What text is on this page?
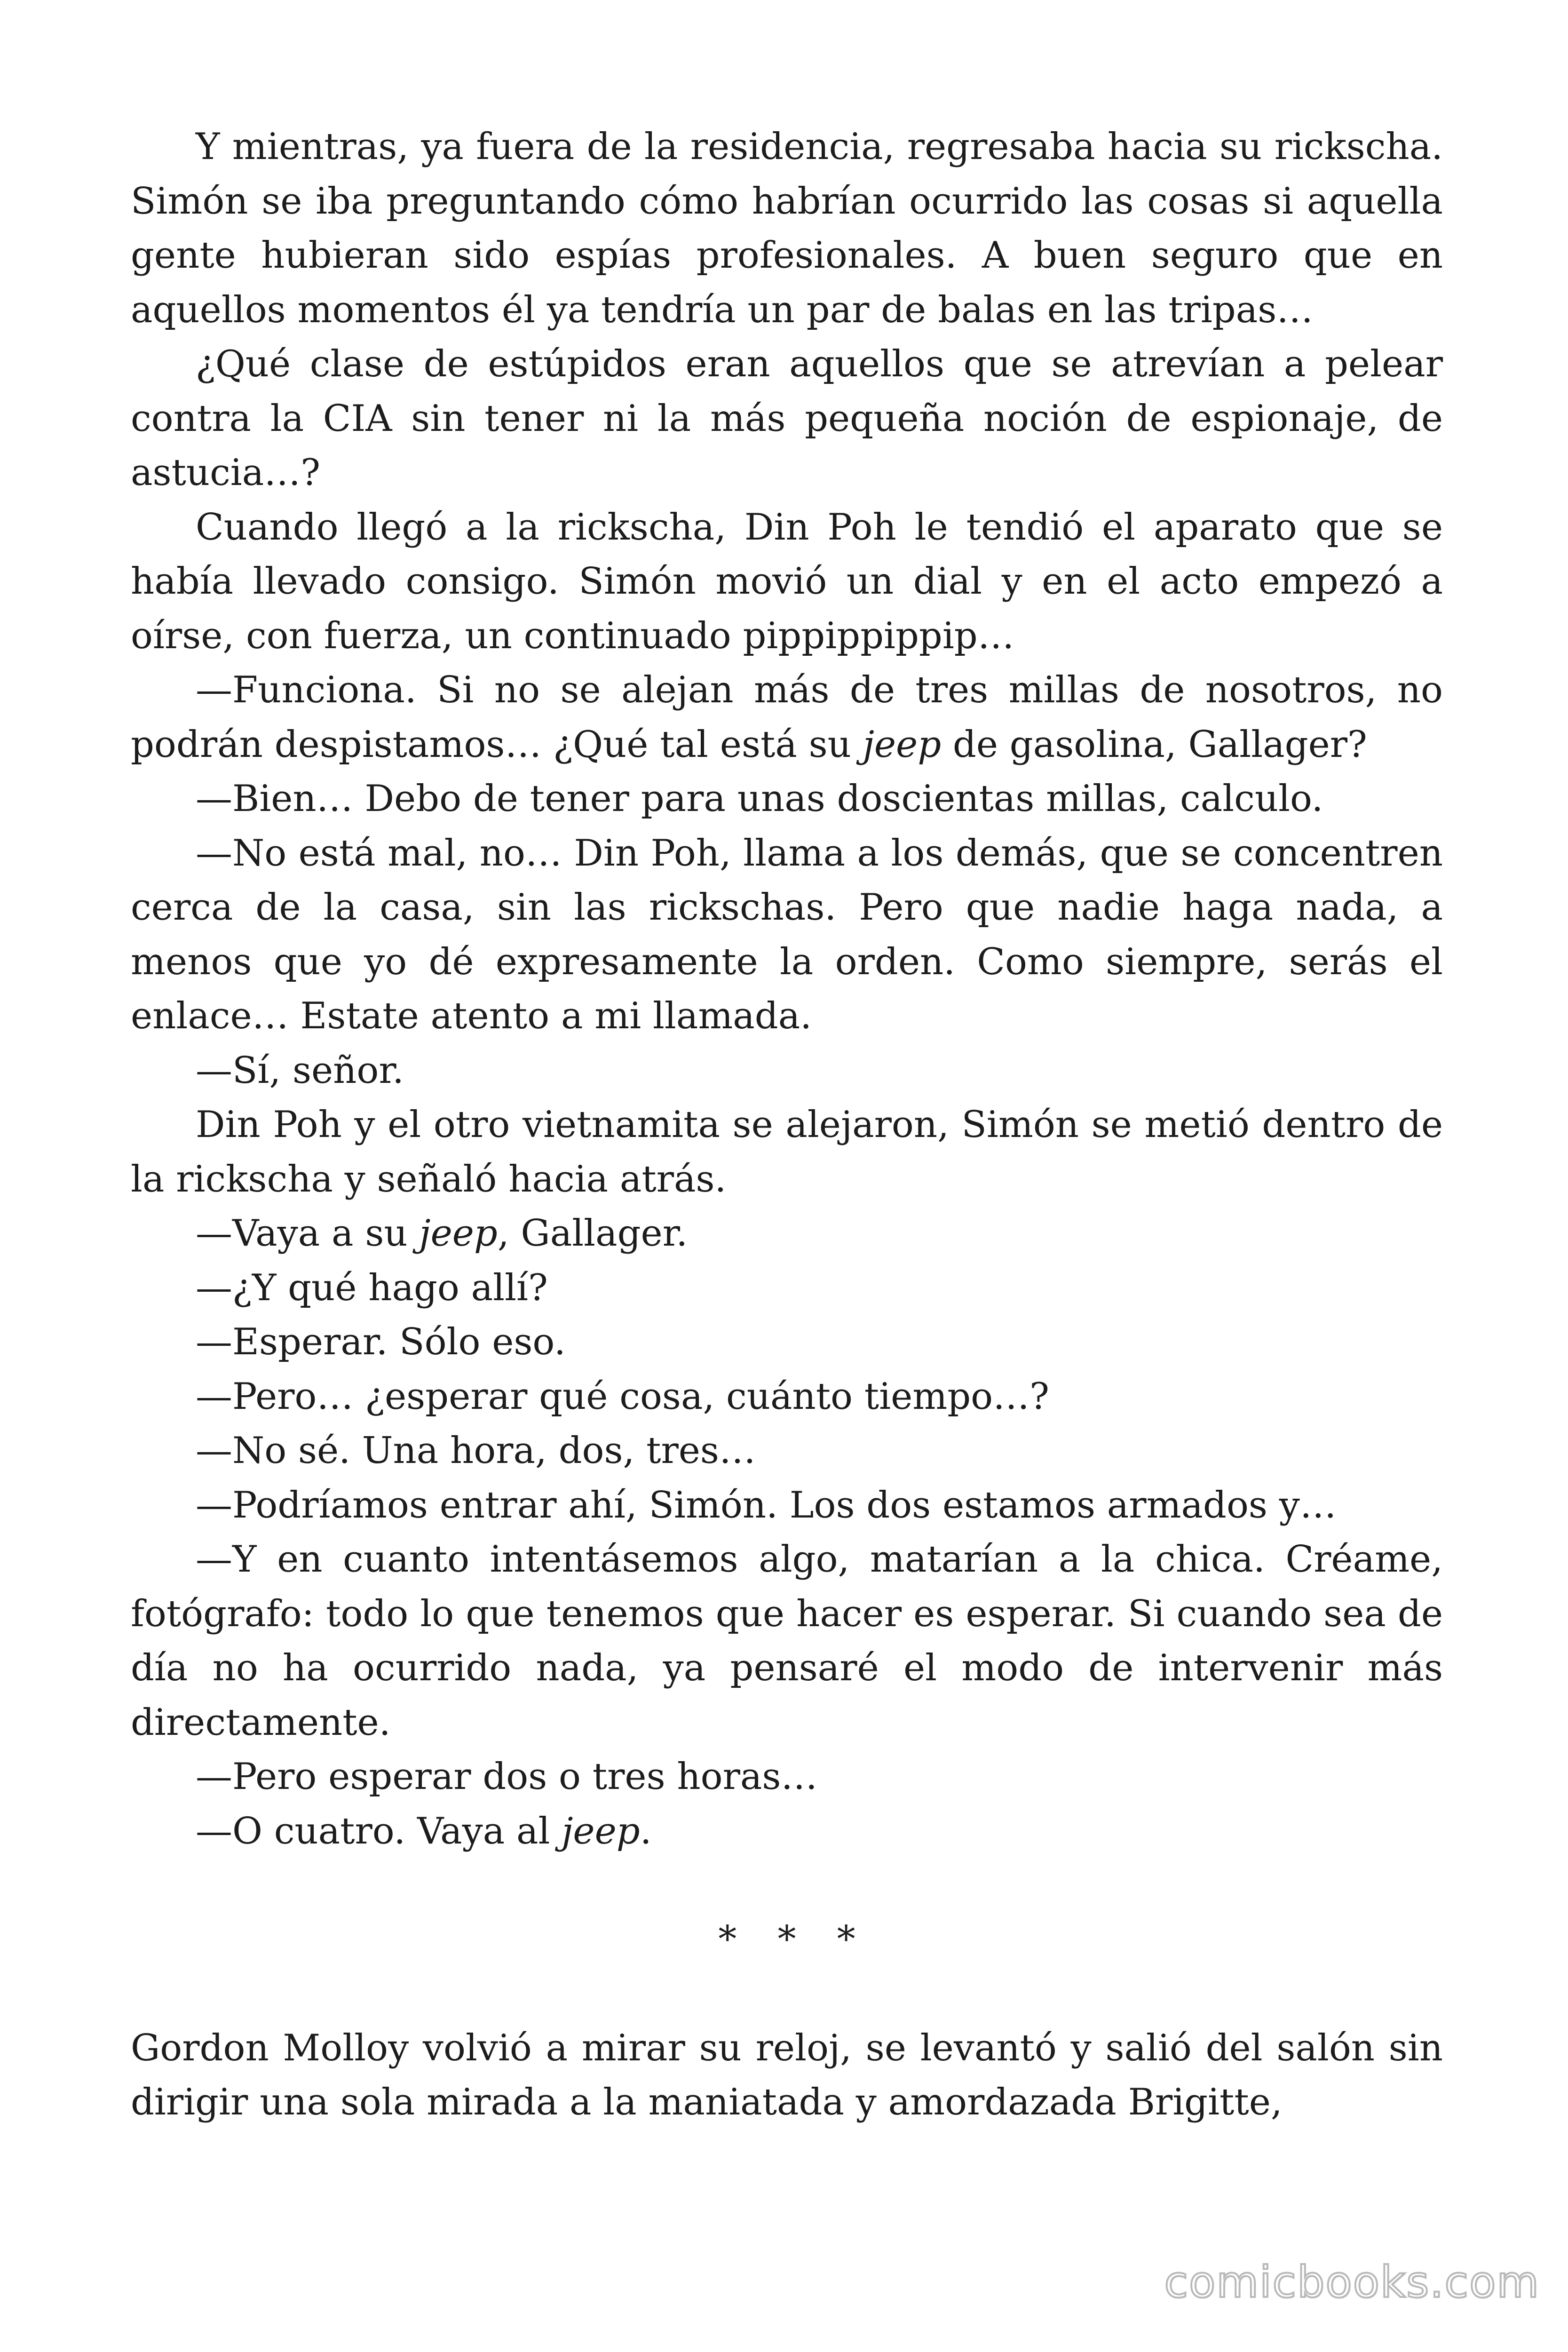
Y mientras, ya fuera de la residencia, regresaba hacia su rickscha. Simón se iba preguntando cómo habrían ocurrido las cosas si aquella gente hubieran sido espías profesionales. A buen seguro que en aquellos momentos él ya tendría un par de balas en las tripas…

¿Qué clase de estúpidos eran aquellos que se atrevían a pelear contra la CIA sin tener ni la más pequeña noción de espionaje, de astucia…?

Cuando llegó a la rickscha, Din Poh le tendió el aparato que se había llevado consigo. Simón movió un dial y en el acto empezó a oírse, con fuerza, un continuado pippippippip…

—Funciona. Si no se alejan más de tres millas de nosotros, no podrán despistamos… ¿Qué tal está su jeep de gasolina, Gallager?

—Bien… Debo de tener para unas doscientas millas, calculo.

—No está mal, no… Din Poh, llama a los demás, que se concentren cerca de la casa, sin las rickschas. Pero que nadie haga nada, a menos que yo dé expresamente la orden. Como siempre, serás el enlace… Estate atento a mi llamada.

—Sí, señor.

Din Poh y el otro vietnamita se alejaron, Simón se metió dentro de la rickscha y señaló hacia atrás.

—Vaya a su jeep, Gallager.

—¿Y qué hago allí?

—Esperar. Sólo eso.

—Pero… ¿esperar qué cosa, cuánto tiempo…?

—No sé. Una hora, dos, tres…

—Podríamos entrar ahí, Simón. Los dos estamos armados y…

—Y en cuanto intentásemos algo, matarían a la chica. Créame, fotógrafo: todo lo que tenemos que hacer es esperar. Si cuando sea de día no ha ocurrido nada, ya pensaré el modo de intervenir más directamente.

—Pero esperar dos o tres horas…

—O cuatro. Vaya al jeep.

* * *

Gordon Molloy volvió a mirar su reloj, se levantó y salió del salón sin dirigir una sola mirada a la maniatada y amordazada Brigitte,

comicbooks.com
